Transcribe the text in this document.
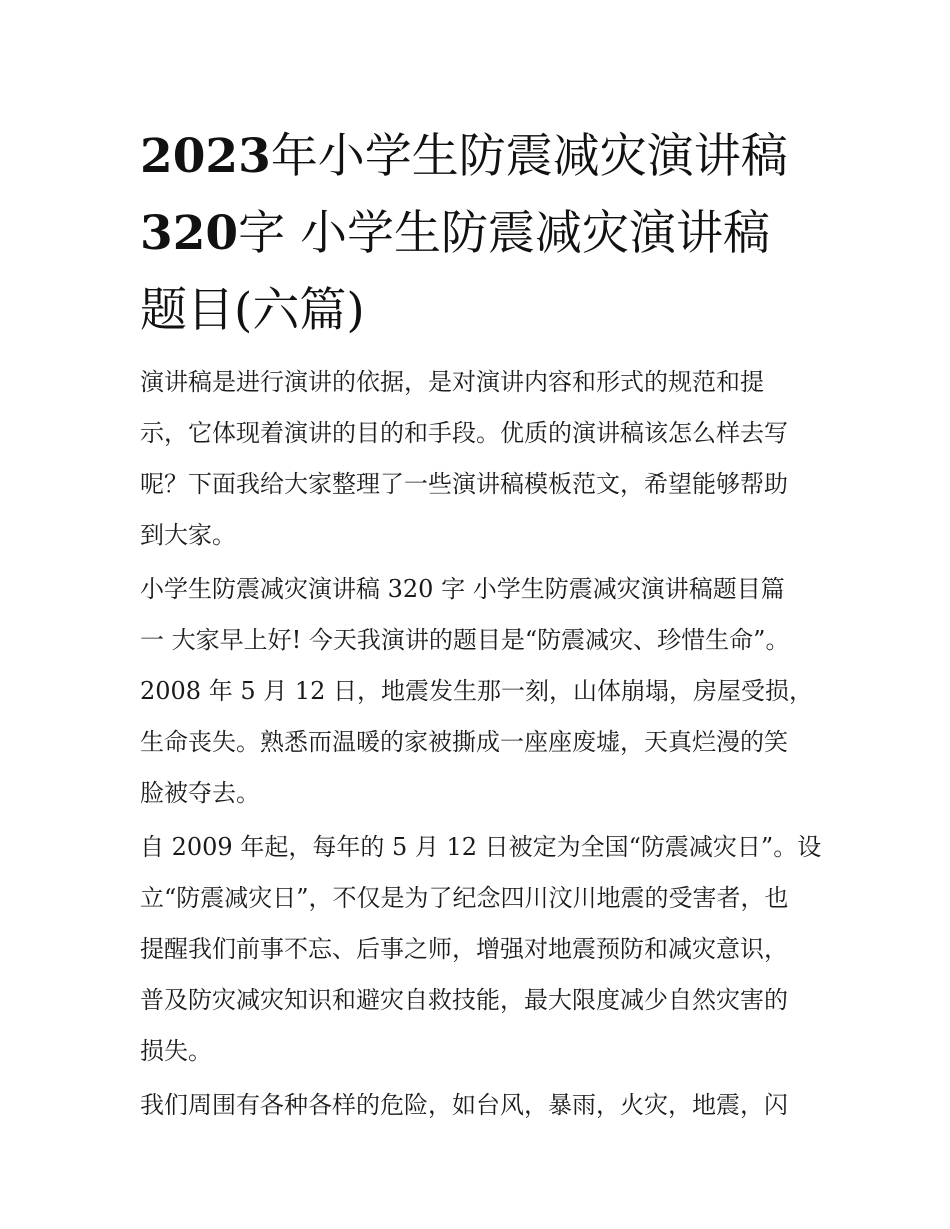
2023年小学生防震减灾演讲稿
320字 小学生防震减灾演讲稿
题目(六篇)

演讲稿是进行演讲的依据，是对演讲内容和形式的规范和提
示，它体现着演讲的目的和手段。优质的演讲稿该怎么样去写
呢？下面我给大家整理了一些演讲稿模板范文，希望能够帮助
到大家。

小学生防震减灾演讲稿 320 字 小学生防震减灾演讲稿题目篇
一 大家早上好! 今天我演讲的题目是“防震减灾、珍惜生命”。
2008 年 5 月 12 日，地震发生那一刻，山体崩塌，房屋受损，
生命丧失。熟悉而温暖的家被撕成一座座废墟，天真烂漫的笑
脸被夺去。

自 2009 年起，每年的 5 月 12 日被定为全国“防震减灾日”。设
立“防震减灾日”，不仅是为了纪念四川汶川地震的受害者，也
提醒我们前事不忘、后事之师，增强对地震预防和减灾意识，
普及防灾减灾知识和避灾自救技能，最大限度减少自然灾害的
损失。

我们周围有各种各样的危险，如台风，暴雨，火灾，地震，闪
